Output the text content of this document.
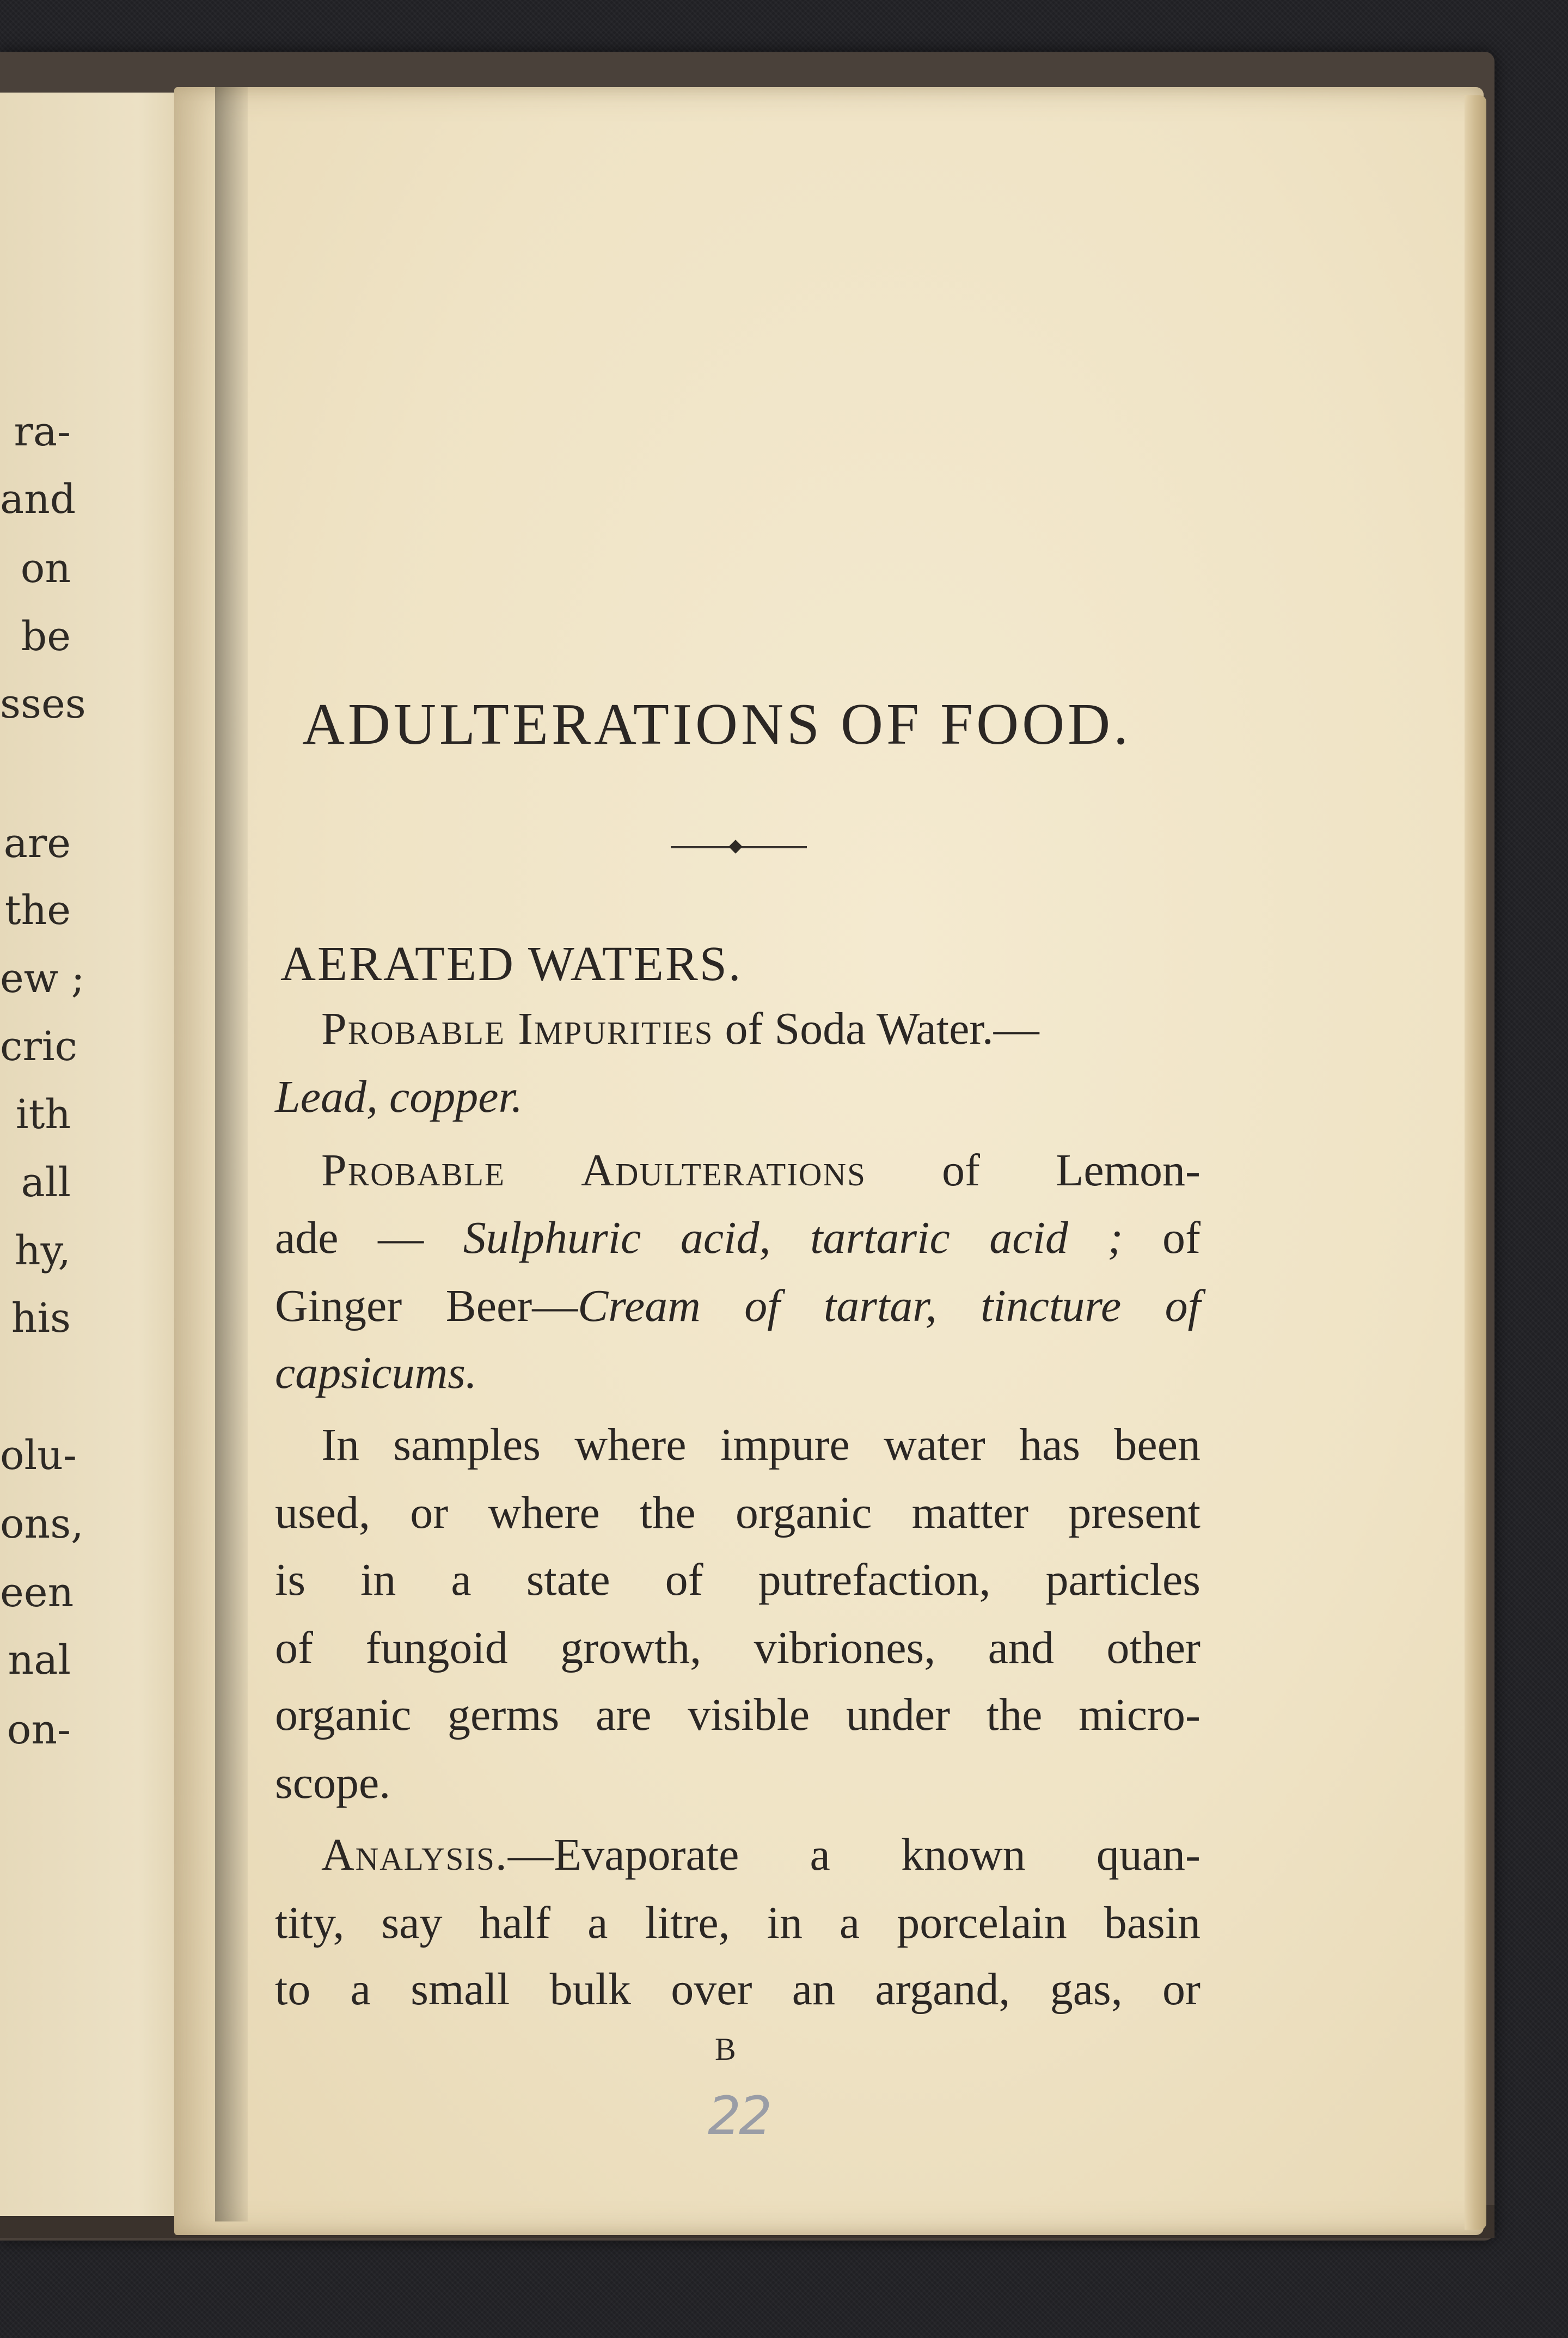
ra-
and
on
be
sses
are
the
ew ;
cric
ith
all
hy,
his
olu-
ons,
een
nal
on-
ADULTERATIONS OF FOOD.
AERATED WATERS.
Probable Impurities of Soda Water.—
Lead, copper.
Probable Adulterations of Lemon-
ade — Sulphuric acid, tartaric acid ; of
Ginger Beer—Cream of tartar, tincture of
capsicums.
In samples where impure water has been
used, or where the organic matter present
is in a state of putrefaction, particles
of fungoid growth, vibriones, and other
organic germs are visible under the micro-
scope.
Analysis.—Evaporate a known quan-
tity, say half a litre, in a porcelain basin
to a small bulk over an argand, gas, or
B
22
